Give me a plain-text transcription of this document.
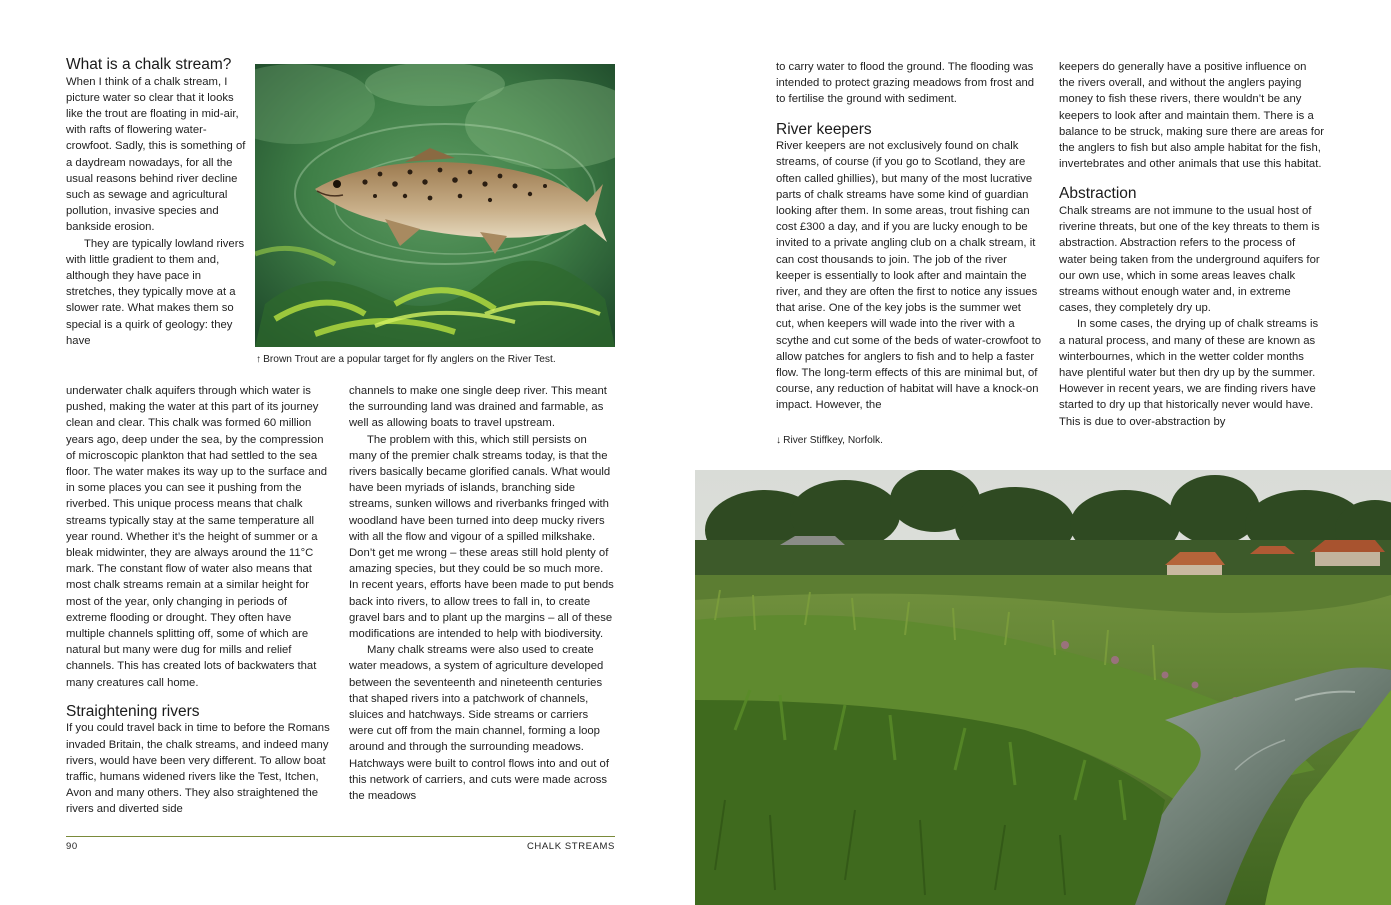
What is a chalk stream?

When I think of a chalk stream, I picture water so clear that it looks like the trout are floating in mid-air, with rafts of flowering water-crowfoot. Sadly, this is something of a daydream nowadays, for all the usual reasons behind river decline such as sewage and agricultural pollution, invasive species and bankside erosion.

They are typically lowland rivers with little gradient to them and, although they have pace in stretches, they typically move at a slower rate. What makes them so special is a quirk of geology: they have

↑ Brown Trout are a popular target for fly anglers on the River Test.

underwater chalk aquifers through which water is pushed, making the water at this part of its journey clean and clear. This chalk was formed 60 million years ago, deep under the sea, by the compression of microscopic plankton that had settled to the sea floor. The water makes its way up to the surface and in some places you can see it pushing from the riverbed. This unique process means that chalk streams typically stay at the same temperature all year round. Whether it’s the height of summer or a bleak midwinter, they are always around the 11°C mark. The constant flow of water also means that most chalk streams remain at a similar height for most of the year, only changing in periods of extreme flooding or drought. They often have multiple channels splitting off, some of which are natural but many were dug for mills and relief channels. This has created lots of backwaters that many creatures call home.

Straightening rivers

If you could travel back in time to before the Romans invaded Britain, the chalk streams, and indeed many rivers, would have been very different. To allow boat traffic, humans widened rivers like the Test, Itchen, Avon and many others. They also straightened the rivers and diverted side

channels to make one single deep river. This meant the surrounding land was drained and farmable, as well as allowing boats to travel upstream.

The problem with this, which still persists on many of the premier chalk streams today, is that the rivers basically became glorified canals. What would have been myriads of islands, branching side streams, sunken willows and riverbanks fringed with woodland have been turned into deep mucky rivers with all the flow and vigour of a spilled milkshake. Don’t get me wrong – these areas still hold plenty of amazing species, but they could be so much more. In recent years, efforts have been made to put bends back into rivers, to allow trees to fall in, to create gravel bars and to plant up the margins – all of these modifications are intended to help with biodiversity.

Many chalk streams were also used to create water meadows, a system of agriculture developed between the seventeenth and nineteenth centuries that shaped rivers into a patchwork of channels, sluices and hatchways. Side streams or carriers were cut off from the main channel, forming a loop around and through the surrounding meadows. Hatchways were built to control flows into and out of this network of carriers, and cuts were made across the meadows

90	CHALK STREAMS

to carry water to flood the ground. The flooding was intended to protect grazing meadows from frost and to fertilise the ground with sediment.

River keepers

River keepers are not exclusively found on chalk streams, of course (if you go to Scotland, they are often called ghillies), but many of the most lucrative parts of chalk streams have some kind of guardian looking after them. In some areas, trout fishing can cost £300 a day, and if you are lucky enough to be invited to a private angling club on a chalk stream, it can cost thousands to join. The job of the river keeper is essentially to look after and maintain the river, and they are often the first to notice any issues that arise. One of the key jobs is the summer wet cut, when keepers will wade into the river with a scythe and cut some of the beds of water-crowfoot to allow patches for anglers to fish and to help a faster flow. The long-term effects of this are minimal but, of course, any reduction of habitat will have a knock-on impact. However, the

↓ River Stiffkey, Norfolk.

keepers do generally have a positive influence on the rivers overall, and without the anglers paying money to fish these rivers, there wouldn’t be any keepers to look after and maintain them. There is a balance to be struck, making sure there are areas for the anglers to fish but also ample habitat for the fish, invertebrates and other animals that use this habitat.

Abstraction

Chalk streams are not immune to the usual host of riverine threats, but one of the key threats to them is abstraction. Abstraction refers to the process of water being taken from the underground aquifers for our own use, which in some areas leaves chalk streams without enough water and, in extreme cases, they completely dry up.

In some cases, the drying up of chalk streams is a natural process, and many of these are known as winterbournes, which in the wetter colder months have plentiful water but then dry up by the summer. However in recent years, we are finding rivers have started to dry up that historically never would have. This is due to over-abstraction by
